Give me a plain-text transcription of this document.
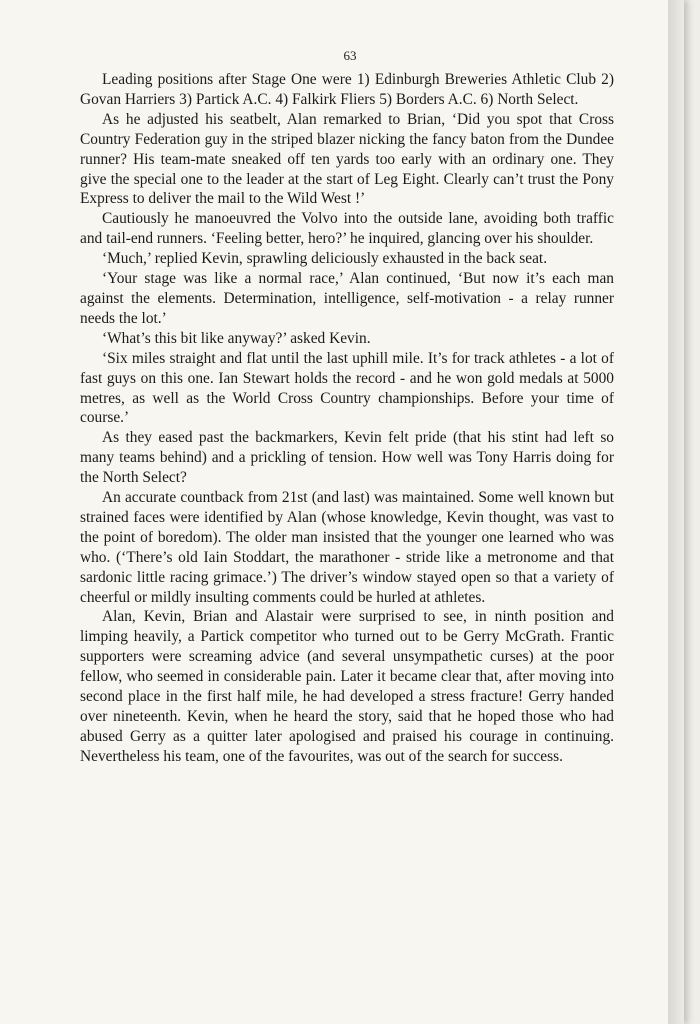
63

Leading positions after Stage One were 1) Edinburgh Breweries Athletic Club 2) Govan Harriers 3) Partick A.C. 4) Falkirk Fliers 5) Borders A.C. 6) North Select.

As he adjusted his seatbelt, Alan remarked to Brian, ‘Did you spot that Cross Country Federation guy in the striped blazer nicking the fancy baton from the Dundee runner? His team-mate sneaked off ten yards too early with an ordinary one. They give the special one to the leader at the start of Leg Eight. Clearly can’t trust the Pony Express to deliver the mail to the Wild West !’

Cautiously he manoeuvred the Volvo into the outside lane, avoiding both traffic and tail-end runners. ‘Feeling better, hero?’ he inquired, glancing over his shoulder.

‘Much,’ replied Kevin, sprawling deliciously exhausted in the back seat.

‘Your stage was like a normal race,’ Alan continued, ‘But now it’s each man against the elements. Determination, intelligence, self-motivation - a relay runner needs the lot.’

‘What’s this bit like anyway?’ asked Kevin.

‘Six miles straight and flat until the last uphill mile. It’s for track athletes - a lot of fast guys on this one. Ian Stewart holds the record - and he won gold medals at 5000 metres, as well as the World Cross Country championships. Before your time of course.’

As they eased past the backmarkers, Kevin felt pride (that his stint had left so many teams behind) and a prickling of tension. How well was Tony Harris doing for the North Select?

An accurate countback from 21st (and last) was maintained. Some well known but strained faces were identified by Alan (whose knowledge, Kevin thought, was vast to the point of boredom). The older man insisted that the younger one learned who was who. (‘There’s old Iain Stoddart, the marathoner - stride like a metronome and that sardonic little racing grimace.’) The driver’s window stayed open so that a variety of cheerful or mildly insulting comments could be hurled at athletes.

Alan, Kevin, Brian and Alastair were surprised to see, in ninth position and limping heavily, a Partick competitor who turned out to be Gerry McGrath. Frantic supporters were screaming advice (and several unsympathetic curses) at the poor fellow, who seemed in considerable pain. Later it became clear that, after moving into second place in the first half mile, he had developed a stress fracture! Gerry handed over nineteenth. Kevin, when he heard the story, said that he hoped those who had abused Gerry as a quitter later apologised and praised his courage in continuing. Nevertheless his team, one of the favourites, was out of the search for success.
